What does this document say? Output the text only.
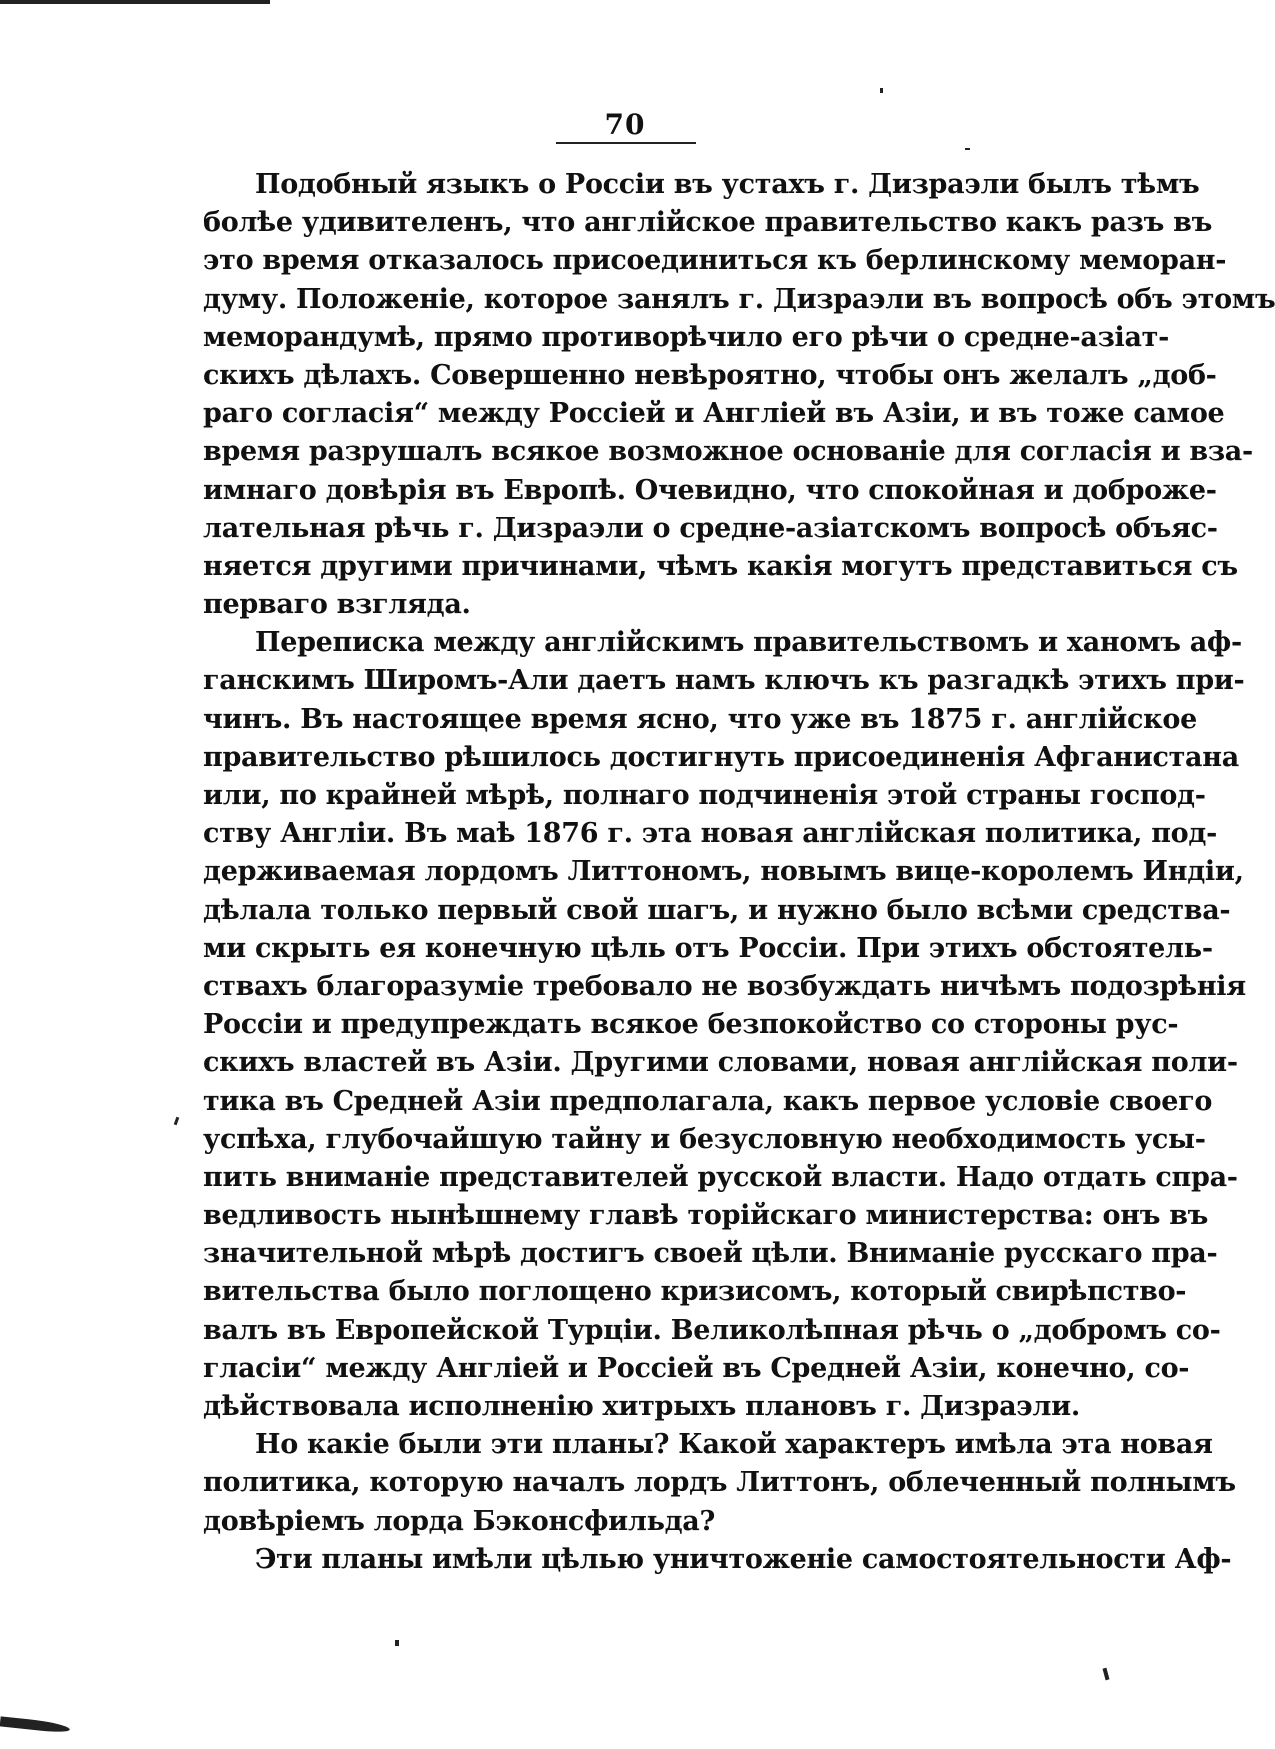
70
Подобный языкъ о Россіи въ устахъ г. Дизраэли былъ тѣмъ
болѣе удивителенъ, что англійское правительство какъ разъ въ
это время отказалось присоединиться къ берлинскому меморан-
думу. Положеніе, которое занялъ г. Дизраэли въ вопросѣ объ этомъ
меморандумѣ, прямо противорѣчило его рѣчи о средне-азіат-
скихъ дѣлахъ. Совершенно невѣроятно, чтобы онъ желалъ „доб-
раго согласія“ между Россіей и Англіей въ Азіи, и въ тоже самое
время разрушалъ всякое возможное основаніе для согласія и вза-
имнаго довѣрія въ Европѣ. Очевидно, что спокойная и доброже-
лательная рѣчь г. Дизраэли о средне-азіатскомъ вопросѣ объяс-
няется другими причинами, чѣмъ какія могутъ представиться съ
перваго взгляда.
Переписка между англійскимъ правительствомъ и ханомъ аф-
ганскимъ Широмъ-Али даетъ намъ ключъ къ разгадкѣ этихъ при-
чинъ. Въ настоящее время ясно, что уже въ 1875 г. англійское
правительство рѣшилось достигнуть присоединенія Афганистана
или, по крайней мѣрѣ, полнаго подчиненія этой страны господ-
ству Англіи. Въ маѣ 1876 г. эта новая англійская политика, под-
держиваемая лордомъ Литтономъ, новымъ вице-королемъ Индіи,
дѣлала только первый свой шагъ, и нужно было всѣми средства-
ми скрыть ея конечную цѣль отъ Россіи. При этихъ обстоятель-
ствахъ благоразуміе требовало не возбуждать ничѣмъ подозрѣнія
Россіи и предупреждать всякое безпокойство со стороны рус-
скихъ властей въ Азіи. Другими словами, новая англійская поли-
тика въ Средней Азіи предполагала, какъ первое условіе своего
успѣха, глубочайшую тайну и безусловную необходимость усы-
пить вниманіе представителей русской власти. Надо отдать спра-
ведливость нынѣшнему главѣ торійскаго министерства: онъ въ
значительной мѣрѣ достигъ своей цѣли. Вниманіе русскаго пра-
вительства было поглощено кризисомъ, который свирѣпство-
валъ въ Европейской Турціи. Великолѣпная рѣчь о „добромъ со-
гласіи“ между Англіей и Россіей въ Средней Азіи, конечно, со-
дѣйствовала исполненію хитрыхъ плановъ г. Дизраэли.
Но какіе были эти планы? Какой характеръ имѣла эта новая
политика, которую началъ лордъ Литтонъ, облеченный полнымъ
довѣріемъ лорда Бэконсфильда?
Эти планы имѣли цѣлью уничтоженіе самостоятельности Аф-
